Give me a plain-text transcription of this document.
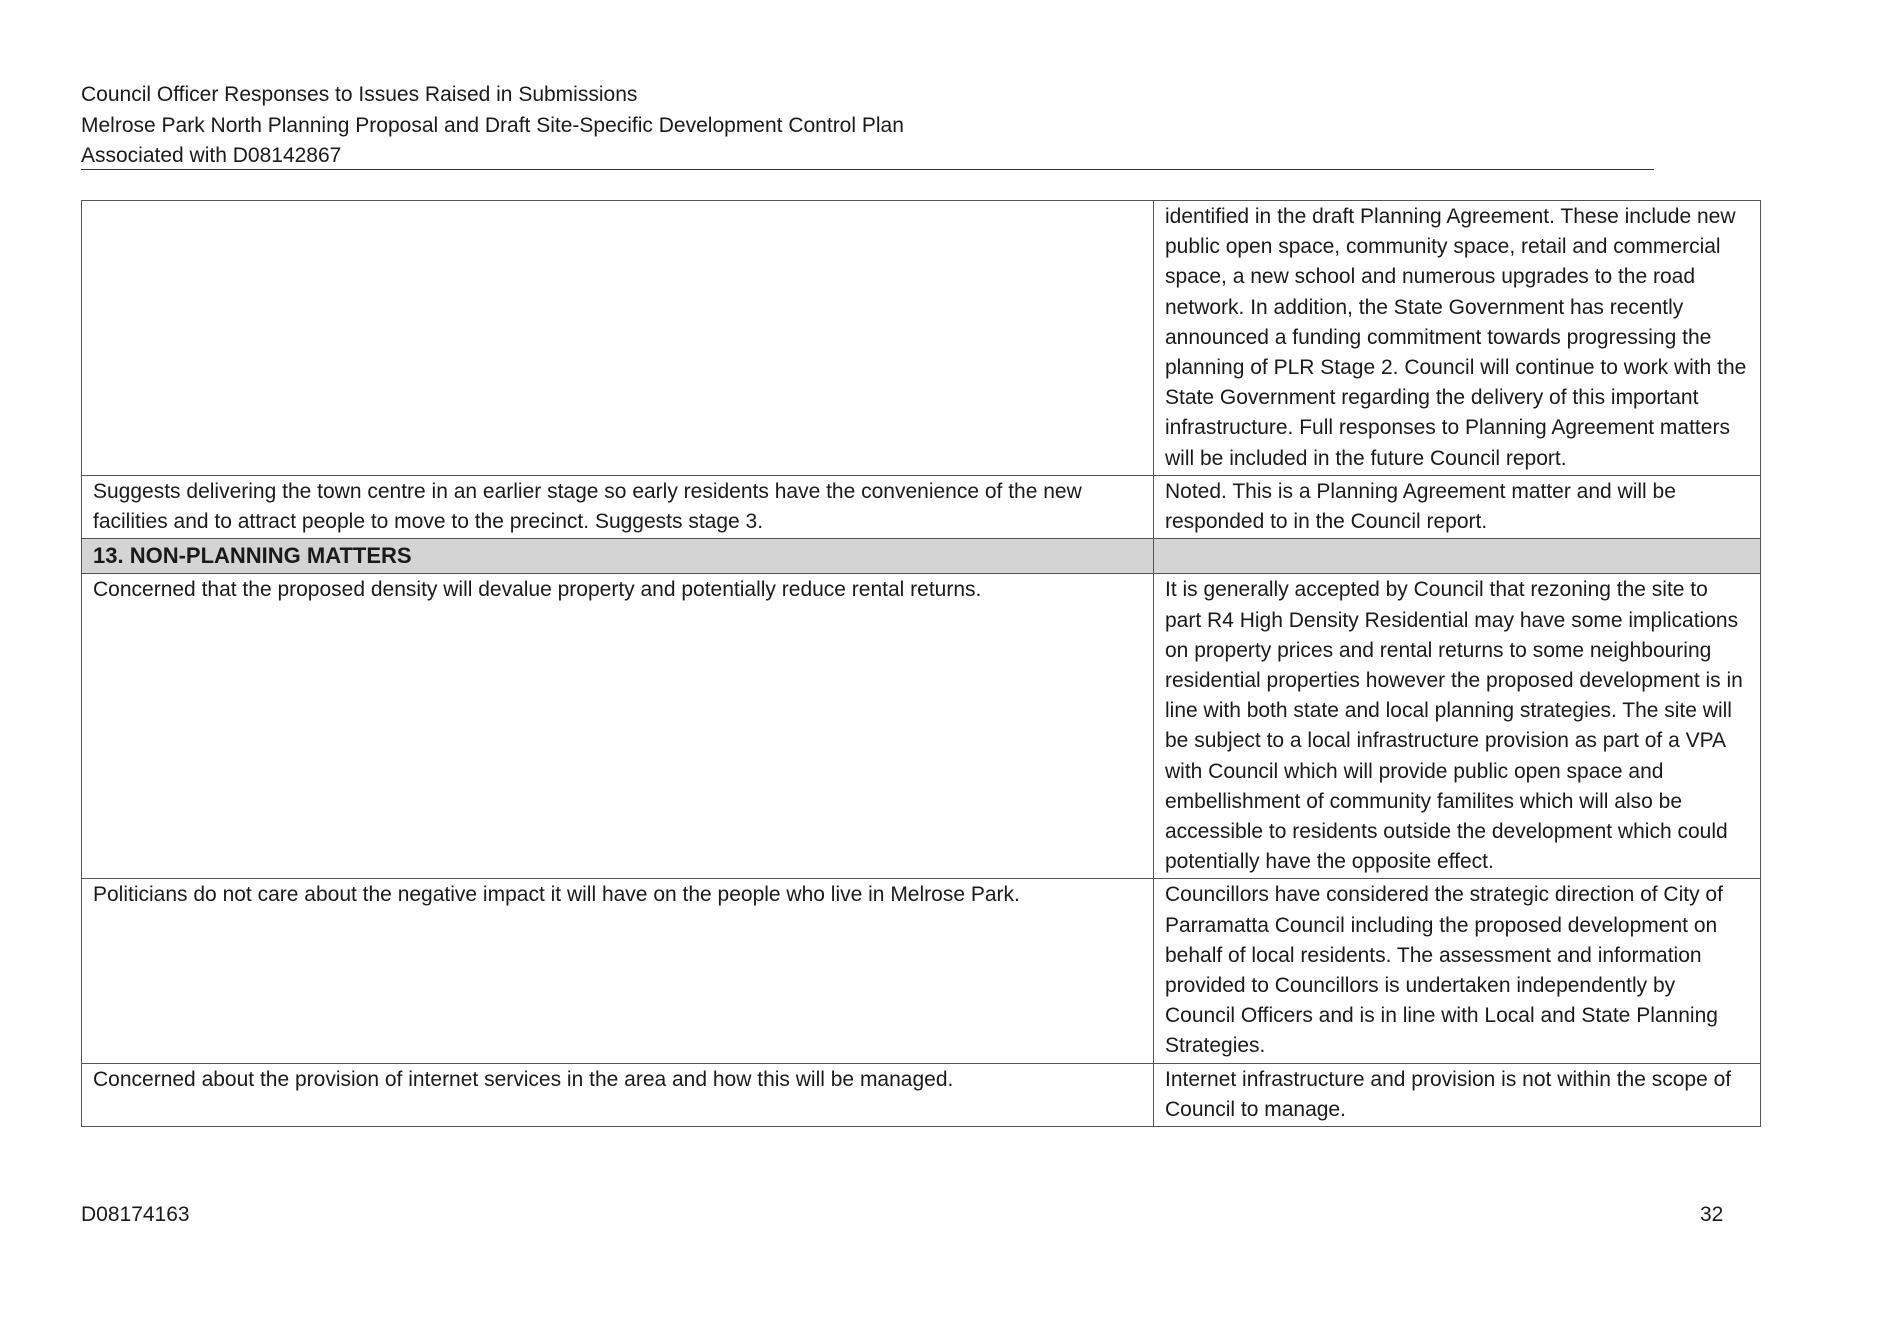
Council Officer Responses to Issues Raised in Submissions
Melrose Park North Planning Proposal and Draft Site-Specific Development Control Plan
Associated with D08142867
	identified in the draft Planning Agreement. These include new public open space, community space, retail and commercial space, a new school and numerous upgrades to the road network. In addition, the State Government has recently announced a funding commitment towards progressing the planning of PLR Stage 2. Council will continue to work with the State Government regarding the delivery of this important infrastructure. Full responses to Planning Agreement matters will be included in the future Council report.
Suggests delivering the town centre in an earlier stage so early residents have the convenience of the new facilities and to attract people to move to the precinct. Suggests stage 3.	Noted. This is a Planning Agreement matter and will be responded to in the Council report.
13. NON-PLANNING MATTERS	
Concerned that the proposed density will devalue property and potentially reduce rental returns.	It is generally accepted by Council that rezoning the site to part R4 High Density Residential may have some implications on property prices and rental returns to some neighbouring residential properties however the proposed development is in line with both state and local planning strategies. The site will be subject to a local infrastructure provision as part of a VPA with Council which will provide public open space and embellishment of community familites which will also be accessible to residents outside the development which could potentially have the opposite effect.
Politicians do not care about the negative impact it will have on the people who live in Melrose Park.	Councillors have considered the strategic direction of City of Parramatta Council including the proposed development on behalf of local residents. The assessment and information provided to Councillors is undertaken independently by Council Officers and is in line with Local and State Planning Strategies.
Concerned about the provision of internet services in the area and how this will be managed.	Internet infrastructure and provision is not within the scope of Council to manage.
D08174163	32
